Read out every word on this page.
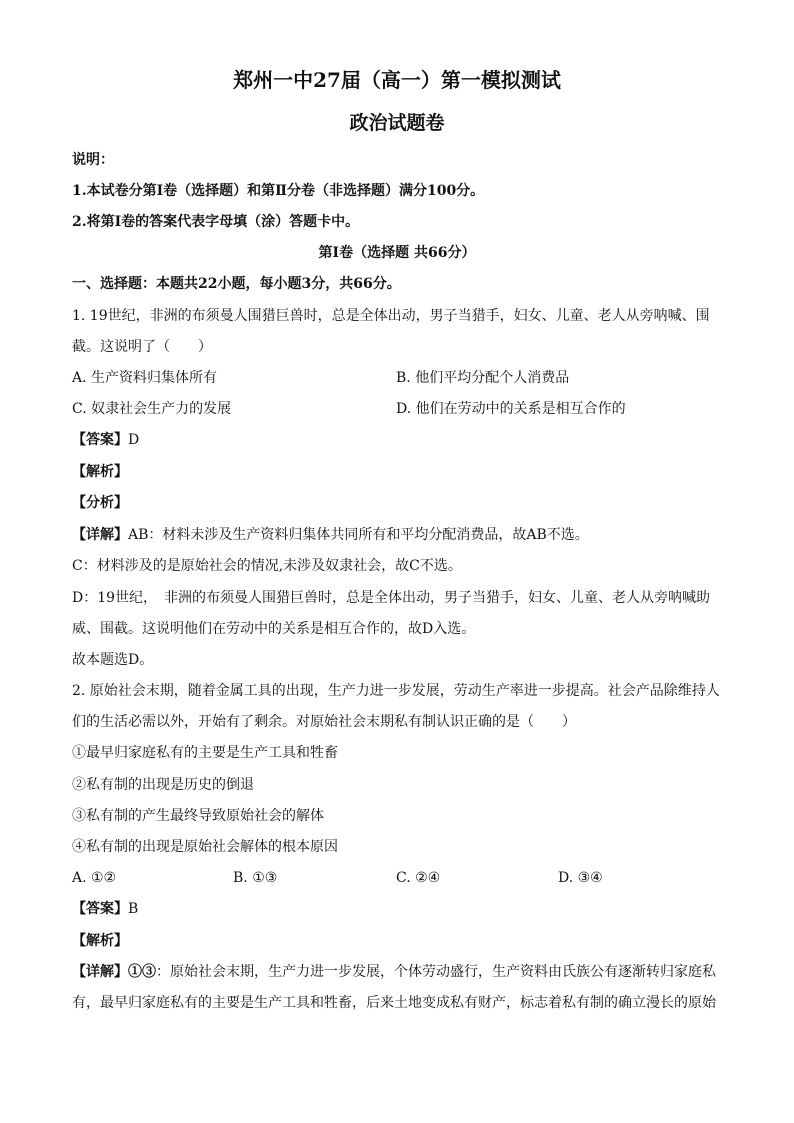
郑州一中27届（高一）第一模拟测试
政治试题卷
说明：
1.本试卷分第Ⅰ卷（选择题）和第Ⅱ分卷（非选择题）满分100分。
2.将第Ⅰ卷的答案代表字母填（涂）答题卡中。
第Ⅰ卷（选择题 共66分）
一、选择题：本题共22小题，每小题3分，共66分。
1. 19世纪，非洲的布须曼人围猎巨兽时，总是全体出动，男子当猎手，妇女、儿童、老人从旁呐喊、围
截。这说明了（　　）
A. 生产资料归集体所有	B. 他们平均分配个人消费品
C. 奴隶社会生产力的发展	D. 他们在劳动中的关系是相互合作的
【答案】D
【解析】
【分析】
【详解】AB：材料未涉及生产资料归集体共同所有和平均分配消费品，故AB不选。
C：材料涉及的是原始社会的情况,未涉及奴隶社会，故C不选。
D：19世纪，　非洲的布须曼人围猎巨兽时，总是全体出动，男子当猎手，妇女、儿童、老人从旁呐喊助
威、围截。这说明他们在劳动中的关系是相互合作的，故D入选。
故本题选D。
2. 原始社会末期，随着金属工具的出现，生产力进一步发展，劳动生产率进一步提高。社会产品除维持人
们的生活必需以外，开始有了剩余。对原始社会末期私有制认识正确的是（　　）
①最早归家庭私有的主要是生产工具和牲畜
②私有制的出现是历史的倒退
③私有制的产生最终导致原始社会的解体
④私有制的出现是原始社会解体的根本原因
A. ①②	B. ①③	C. ②④	D. ③④
【答案】B
【解析】
【详解】①③：原始社会末期，生产力进一步发展，个体劳动盛行，生产资料由氏族公有逐渐转归家庭私
有，最早归家庭私有的主要是生产工具和牲畜，后来土地变成私有财产，标志着私有制的确立漫长的原始
